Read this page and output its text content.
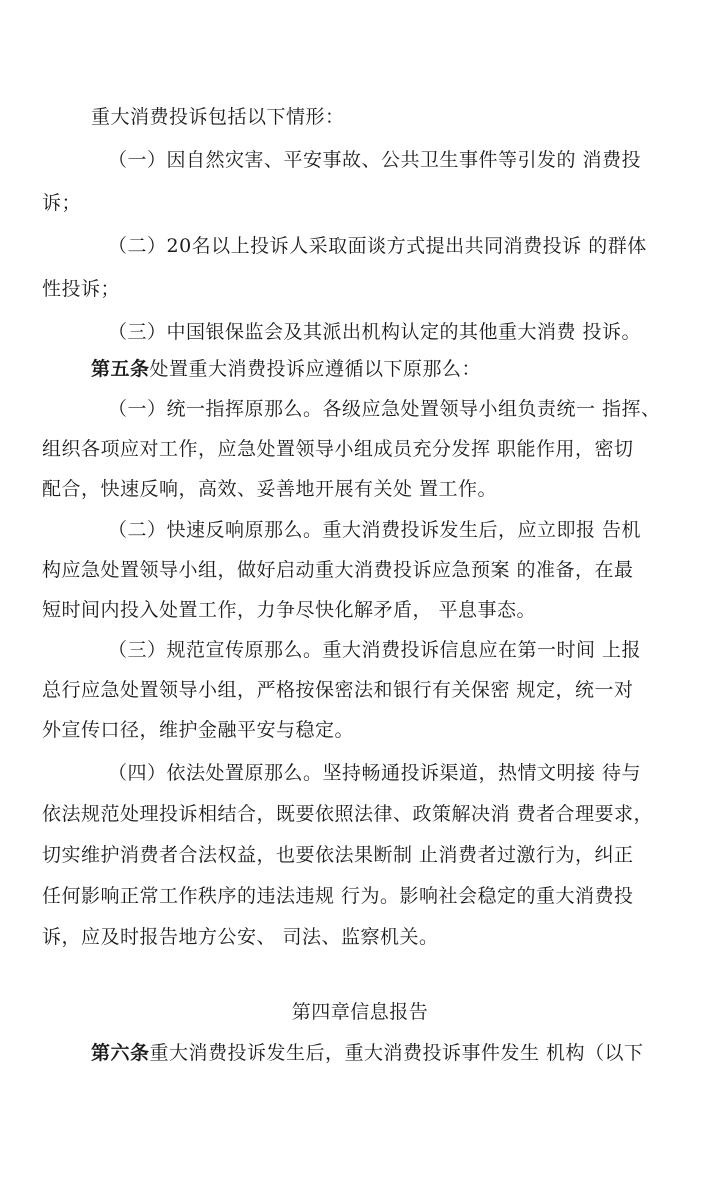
重大消费投诉包括以下情形：
（一）因自然灾害、平安事故、公共卫生事件等引发的 消费投
诉；
（二）20名以上投诉人采取面谈方式提出共同消费投诉 的群体
性投诉；
（三）中国银保监会及其派出机构认定的其他重大消费 投诉。
第五条处置重大消费投诉应遵循以下原那么：
（一）统一指挥原那么。各级应急处置领导小组负责统一 指挥、
组织各项应对工作，应急处置领导小组成员充分发挥 职能作用，密切
配合，快速反响，高效、妥善地开展有关处 置工作。
（二）快速反响原那么。重大消费投诉发生后，应立即报 告机
构应急处置领导小组，做好启动重大消费投诉应急预案 的准备，在最
短时间内投入处置工作，力争尽快化解矛盾， 平息事态。
（三）规范宣传原那么。重大消费投诉信息应在第一时间 上报
总行应急处置领导小组，严格按保密法和银行有关保密 规定，统一对
外宣传口径，维护金融平安与稳定。
（四）依法处置原那么。坚持畅通投诉渠道，热情文明接 待与
依法规范处理投诉相结合，既要依照法律、政策解决消 费者合理要求，
切实维护消费者合法权益，也要依法果断制 止消费者过激行为，纠正
任何影响正常工作秩序的违法违规 行为。影响社会稳定的重大消费投
诉，应及时报告地方公安、 司法、监察机关。
第四章信息报告
第六条重大消费投诉发生后，重大消费投诉事件发生 机构（以下
